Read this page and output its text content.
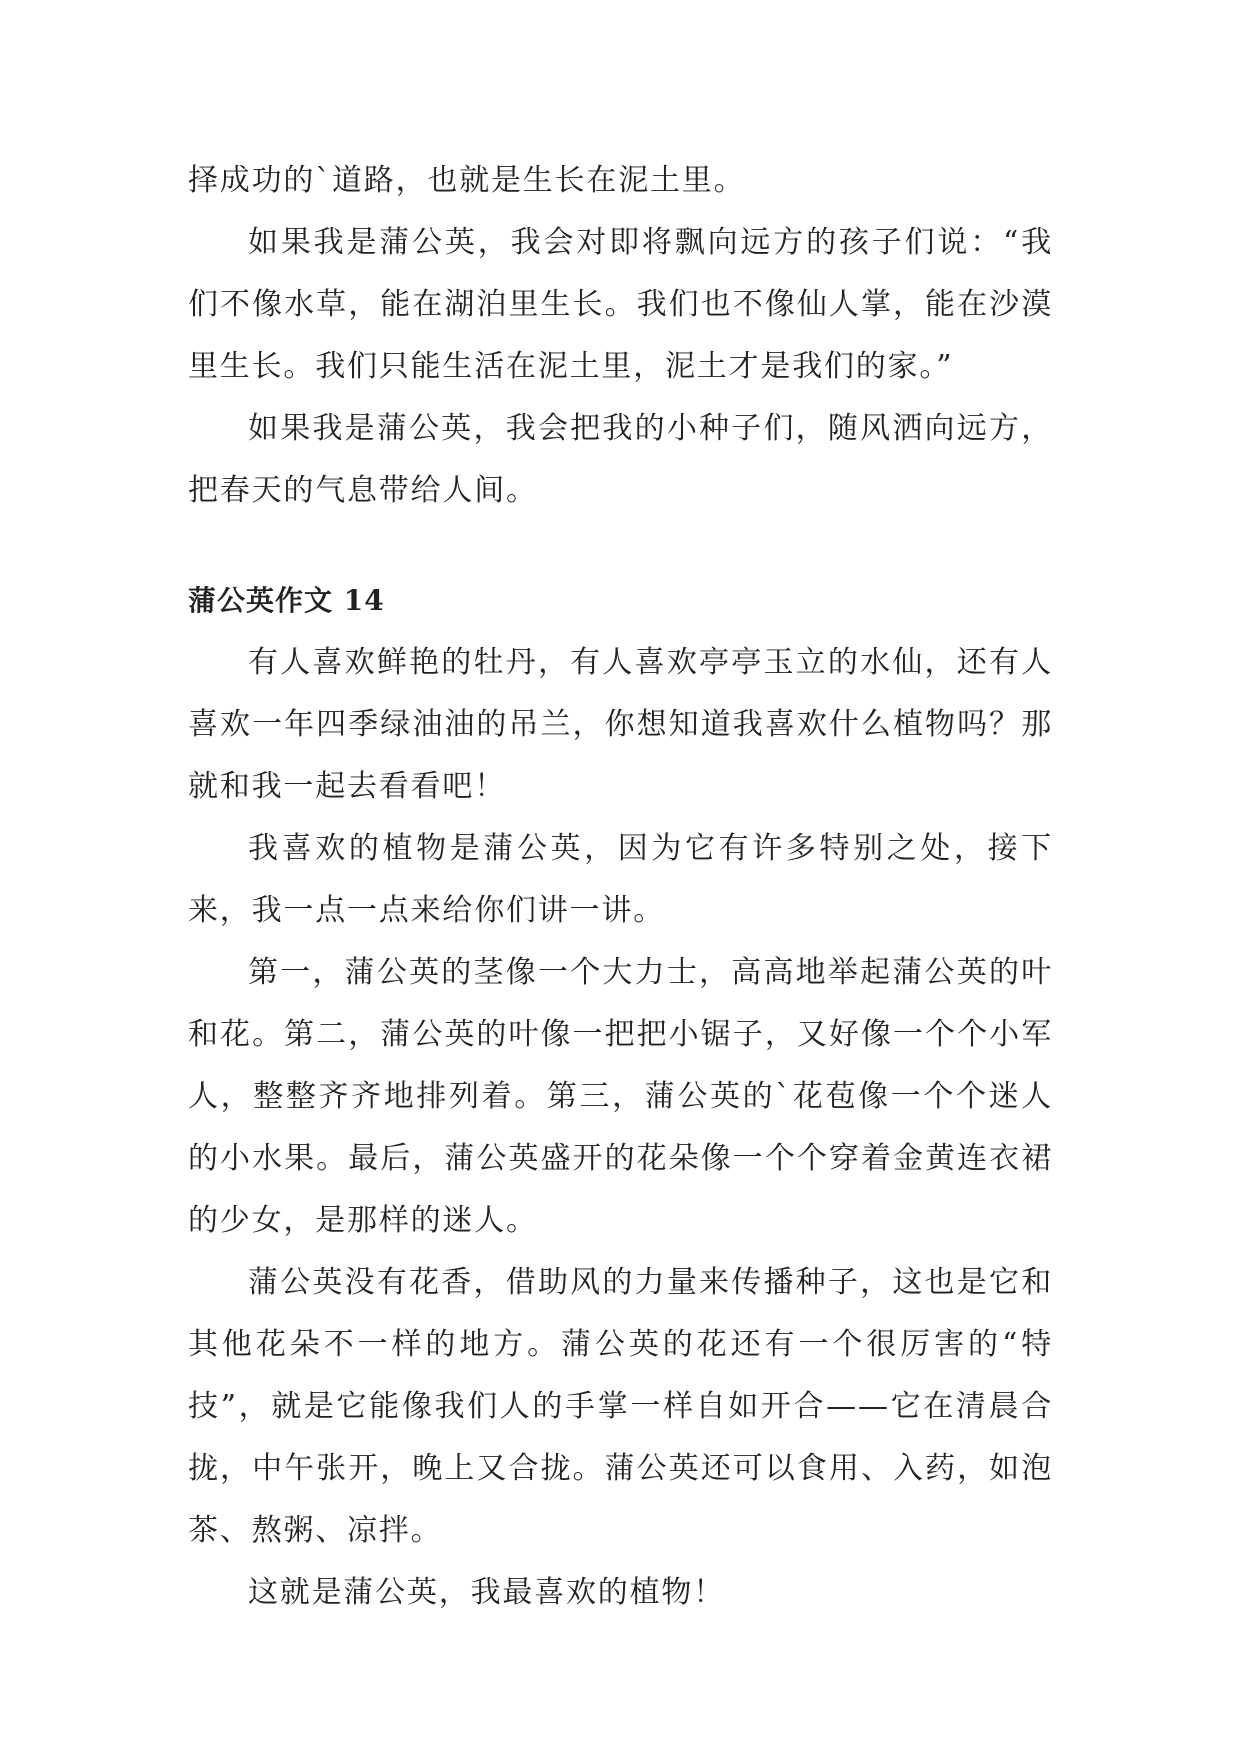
择成功的`道路，也就是生长在泥土里。

如果我是蒲公英，我会对即将飘向远方的孩子们说：“我们不像水草，能在湖泊里生长。我们也不像仙人掌，能在沙漠里生长。我们只能生活在泥土里，泥土才是我们的家。”

如果我是蒲公英，我会把我的小种子们，随风洒向远方，把春天的气息带给人间。

蒲公英作文 14

有人喜欢鲜艳的牡丹，有人喜欢亭亭玉立的水仙，还有人喜欢一年四季绿油油的吊兰，你想知道我喜欢什么植物吗？那就和我一起去看看吧！

我喜欢的植物是蒲公英，因为它有许多特别之处，接下来，我一点一点来给你们讲一讲。

第一，蒲公英的茎像一个大力士，高高地举起蒲公英的叶和花。第二，蒲公英的叶像一把把小锯子，又好像一个个小军人，整整齐齐地排列着。第三，蒲公英的`花苞像一个个迷人的小水果。最后，蒲公英盛开的花朵像一个个穿着金黄连衣裙的少女，是那样的迷人。

蒲公英没有花香，借助风的力量来传播种子，这也是它和其他花朵不一样的地方。蒲公英的花还有一个很厉害的“特技”，就是它能像我们人的手掌一样自如开合——它在清晨合拢，中午张开，晚上又合拢。蒲公英还可以食用、入药，如泡茶、熬粥、凉拌。

这就是蒲公英，我最喜欢的植物！
